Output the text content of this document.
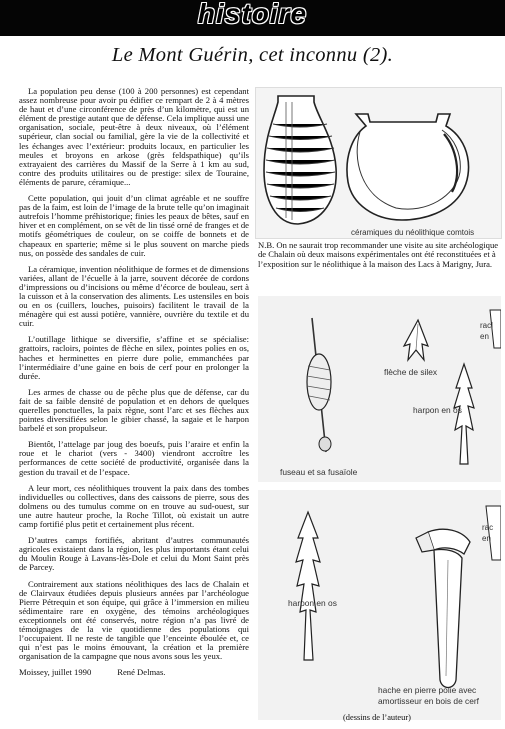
histoire
Le Mont Guérin, cet inconnu (2).

La population peu dense (100 à 200 personnes) est cependant assez nombreuse pour avoir pu édifier ce rempart de 2 à 4 mètres de haut et d’une circonférence de près d’un kilomètre, qui est un élément de prestige autant que de défense. Cela implique aussi une organisation, sociale, peut-être à deux niveaux, où l’élément supérieur, clan social ou familial, gère la vie de la collectivité et les échanges avec l’extérieur: produits locaux, en particulier les meules et broyons en arkose (grès feldspathique) qu’ils extrayaient des carrières du Massif de la Serre à 1 km au sud, contre des produits utilitaires ou de prestige: silex de Touraine, éléments de parure, céramique...

Cette population, qui jouit d’un climat agréable et ne souffre pas de la faim, est loin de l’image de la brute telle qu’on imaginait autrefois l’homme préhistorique; finies les peaux de bêtes, sauf en hiver et en complément, on se vêt de lin tissé orné de franges et de motifs géométriques de couleur, on se coiffe de bonnets et de chapeaux en sparterie; même si le plus souvent on marche pieds nus, on possède des sandales de cuir.

La céramique, invention néolithique de formes et de dimensions variées, allant de l’écuelle à la jarre, souvent décorée de cordons d’impressions ou d’incisions ou même d’écorce de bouleau, sert à la cuisson et à la conservation des aliments. Les ustensiles en bois ou en os (cuillers, louches, puisoirs) facilitent le travail de la ménagère qui est aussi potière, vannière, ouvrière du textile et du cuir.

L’outillage lithique se diversifie, s’affine et se spécialise: grattoirs, racloirs, pointes de flèche en silex, pointes polies en os, haches et herminettes en pierre dure polie, emmanchées par l’intermédiaire d’une gaine en bois de cerf pour en prolonger la durée.

Les armes de chasse ou de pêche plus que de défense, car du fait de sa faible densité de population et en dehors de quelques querelles ponctuelles, la paix règne, sont l’arc et ses flèches aux pointes diversifiées selon le gibier chassé, la sagaie et le harpon barbelé et son propulseur.

Bientôt, l’attelage par joug des boeufs, puis l’araire et enfin la roue et le chariot (vers - 3400) viendront accroître les performances de cette société de productivité, organisée dans la gestion du travail et de l’espace.

A leur mort, ces néolithiques trouvent la paix dans des tombes individuelles ou collectives, dans des caissons de pierre, sous des dolmens ou des tumulus comme on en trouve au sud-ouest, sur une autre hauteur proche, la Roche Tillot, où existait un autre camp fortifié plus petit et certainement plus récent.

D’autres camps fortifiés, abritant d’autres communautés agricoles existaient dans la région, les plus importants étant celui du Moulin Rouge à Lavans-lès-Dole et celui du Mont Saint près de Parcey.

Contrairement aux stations néolithiques des lacs de Chalain et de Clairvaux étudiées depuis plusieurs années par l’archéologue Pierre Pétrequin et son équipe, qui grâce à l’immersion en milieu sédimentaire rare en oxygène, des témoins archéologiques exceptionnels ont été conservés, notre région n’a pas livré de témoignages de la vie quotidienne des populations qui l’occupaient. Il ne reste de tangible que l’enceinte éboulée et, ce qui n’est pas le moins émouvant, la création et la première organisation de la campagne que nous avons sous les yeux.

Moissey, juillet 1990	René Delmas.

céramiques du néolithique comtois
N.B. On ne saurait trop recommander une visite au site archéologique de Chalain où deux maisons expérimentales ont été reconstituées et à l’exposition sur le néolithique à la maison des Lacs à Marigny, Jura.
flèche de silex
harpon en os
fuseau et sa fusaïole
racl
en
harpon en os
hache en pierre polie avec
amortisseur en bois de cerf
rac
en
(dessins de l’auteur)
